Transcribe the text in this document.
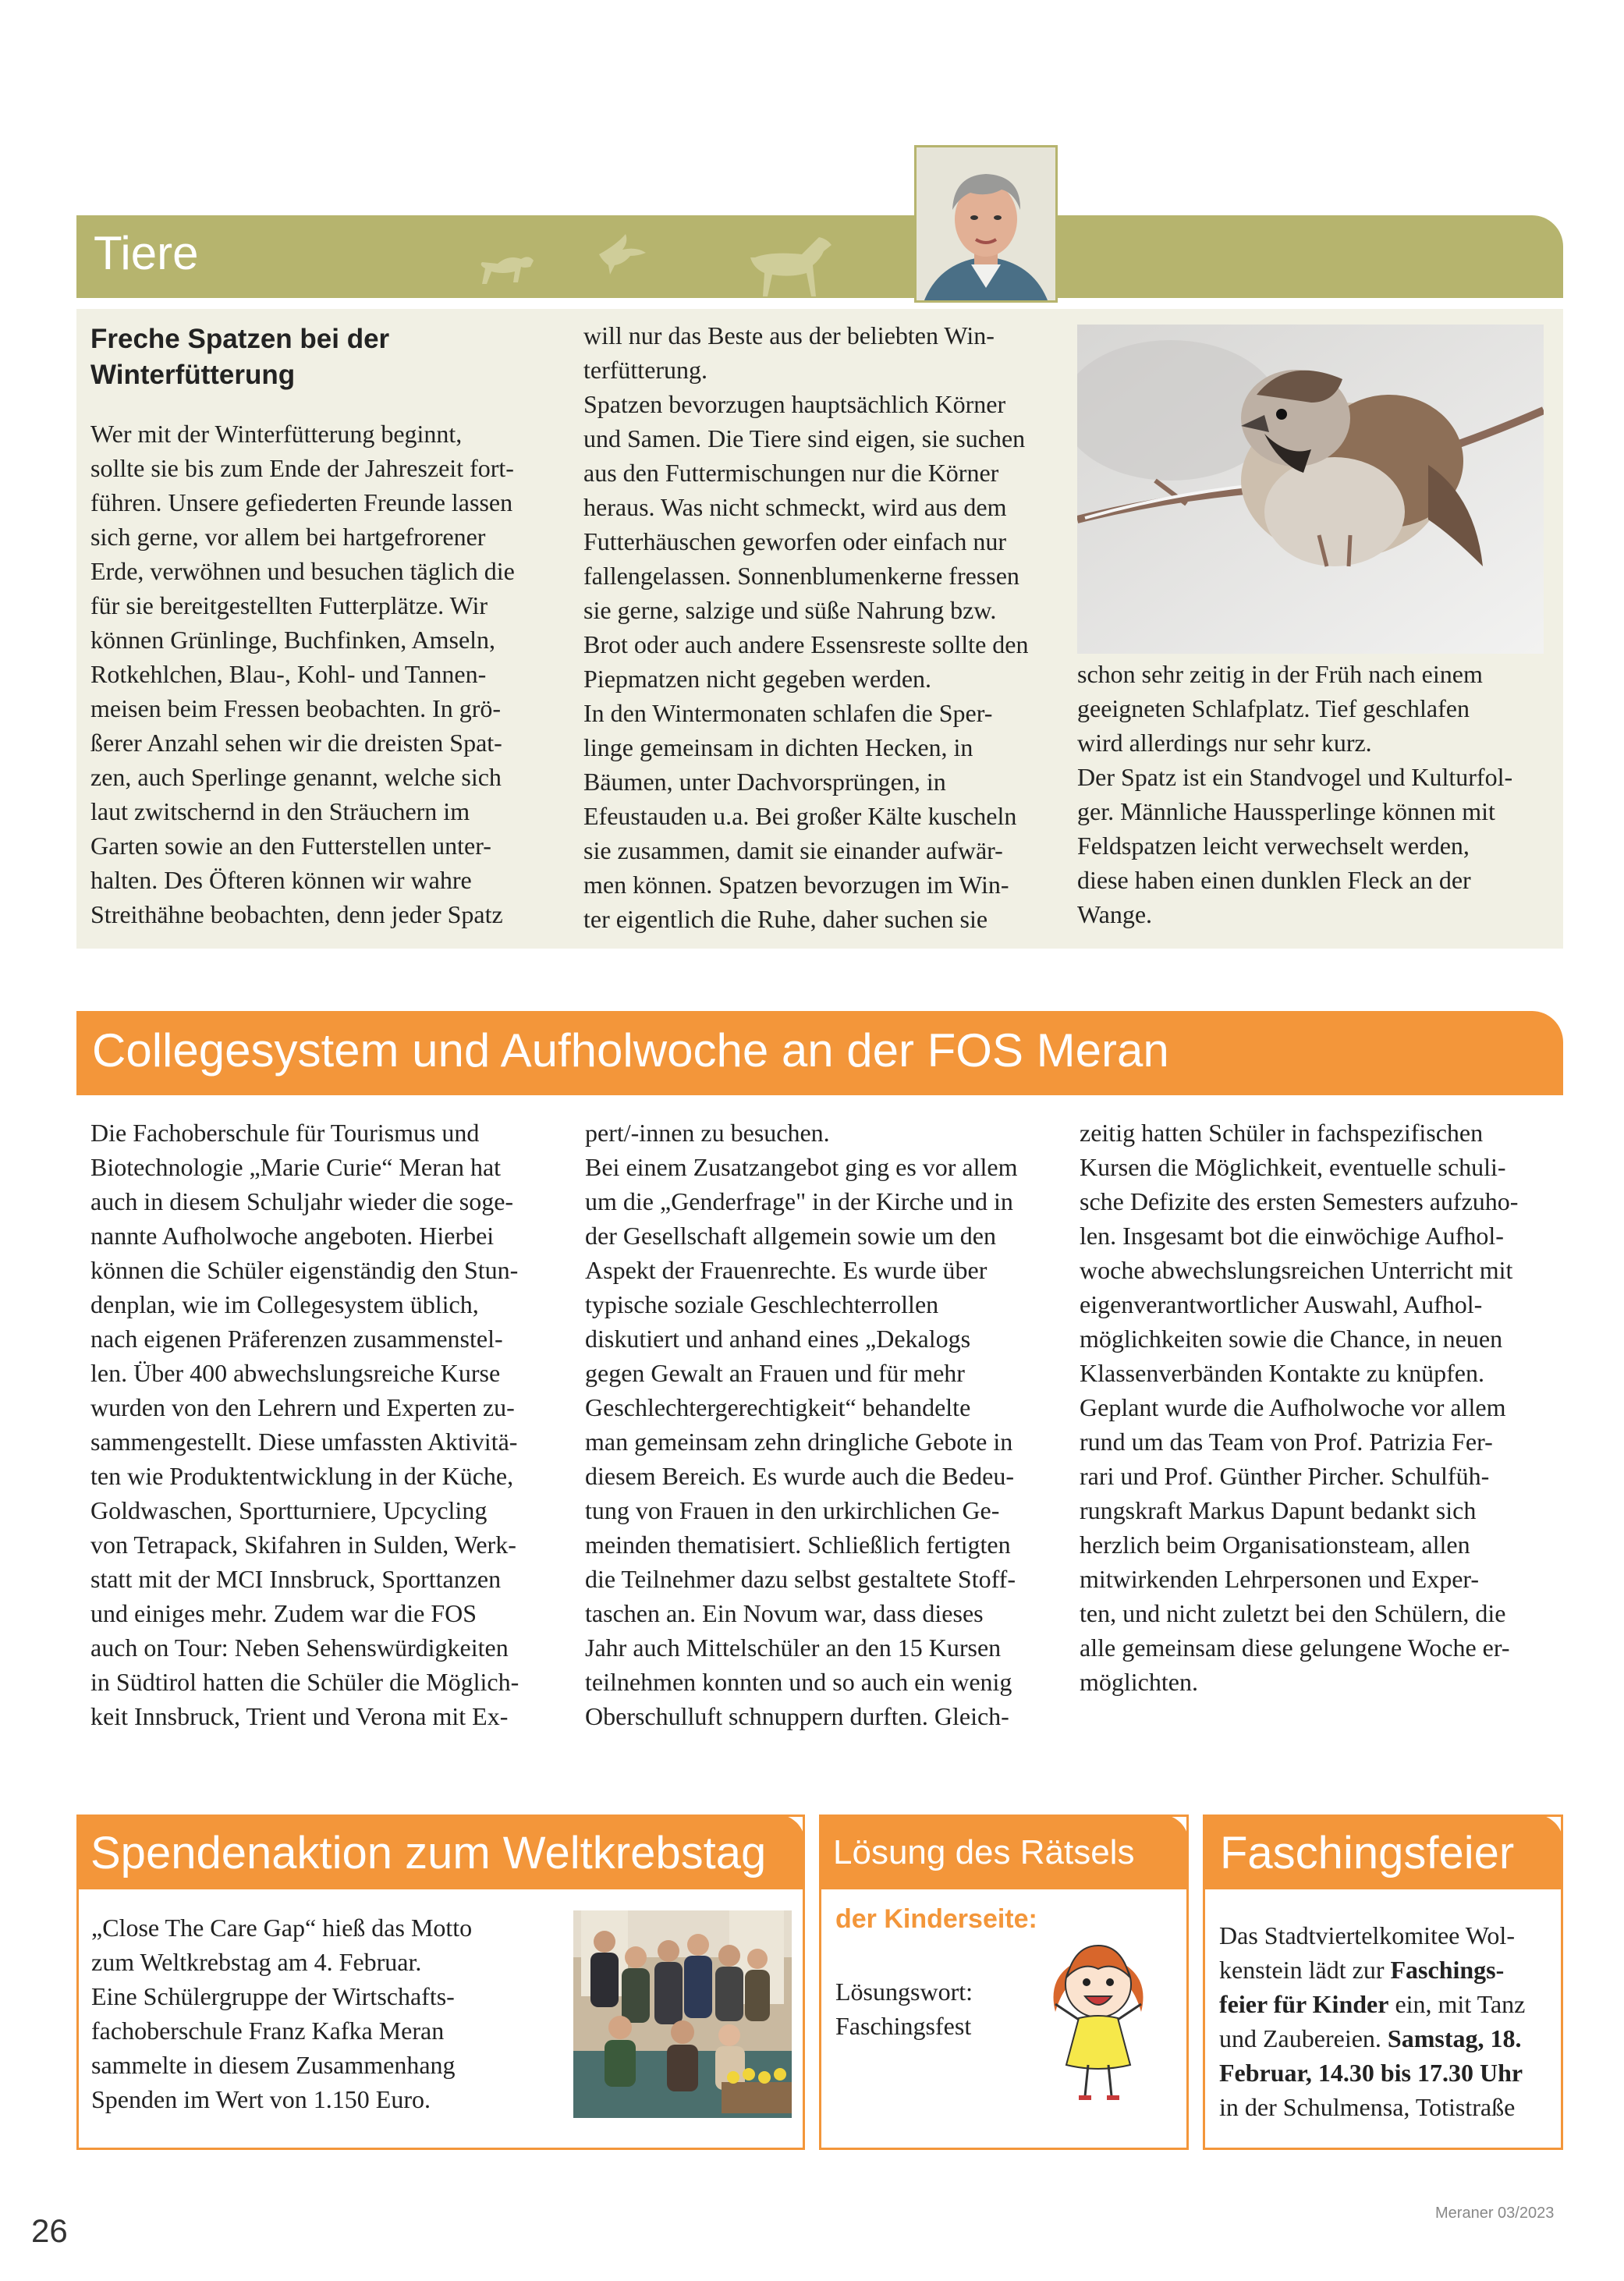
Tiere
Freche Spatzen bei der
Winterfütterung
Wer mit der Winterfütterung beginnt,
sollte sie bis zum Ende der Jahreszeit fort-
führen. Unsere gefiederten Freunde lassen
sich gerne, vor allem bei hartgefrorener
Erde, verwöhnen und besuchen täglich die
für sie bereitgestellten Futterplätze. Wir
können Grünlinge, Buchfinken, Amseln,
Rotkehlchen, Blau-, Kohl- und Tannen-
meisen beim Fressen beobachten. In grö-
ßerer Anzahl sehen wir die dreisten Spat-
zen, auch Sperlinge genannt, welche sich
laut zwitschernd in den Sträuchern im
Garten sowie an den Futterstellen unter-
halten. Des Öfteren können wir wahre
Streithähne beobachten, denn jeder Spatz
will nur das Beste aus der beliebten Win-
terfütterung.
Spatzen bevorzugen hauptsächlich Körner
und Samen. Die Tiere sind eigen, sie suchen
aus den Futtermischungen nur die Körner
heraus. Was nicht schmeckt, wird aus dem
Futterhäuschen geworfen oder einfach nur
fallengelassen. Sonnenblumenkerne fressen
sie gerne, salzige und süße Nahrung bzw.
Brot oder auch andere Essensreste sollte den
Piepmatzen nicht gegeben werden.
In den Wintermonaten schlafen die Sper-
linge gemeinsam in dichten Hecken, in
Bäumen, unter Dachvorsprüngen, in
Efeustauden u.a. Bei großer Kälte kuscheln
sie zusammen, damit sie einander aufwär-
men können. Spatzen bevorzugen im Win-
ter eigentlich die Ruhe, daher suchen sie
schon sehr zeitig in der Früh nach einem
geeigneten Schlafplatz. Tief geschlafen
wird allerdings nur sehr kurz.
Der Spatz ist ein Standvogel und Kulturfol-
ger. Männliche Haussperlinge können mit
Feldspatzen leicht verwechselt werden,
diese haben einen dunklen Fleck an der
Wange.
Collegesystem und Aufholwoche an der FOS Meran
Die Fachoberschule für Tourismus und
Biotechnologie „Marie Curie“ Meran hat
auch in diesem Schuljahr wieder die soge-
nannte Aufholwoche angeboten. Hierbei
können die Schüler eigenständig den Stun-
denplan, wie im Collegesystem üblich,
nach eigenen Präferenzen zusammenstel-
len. Über 400 abwechslungsreiche Kurse
wurden von den Lehrern und Experten zu-
sammengestellt. Diese umfassten Aktivitä-
ten wie Produktentwicklung in der Küche,
Goldwaschen, Sportturniere, Upcycling
von Tetrapack, Skifahren in Sulden, Werk-
statt mit der MCI Innsbruck, Sporttanzen
und einiges mehr. Zudem war die FOS
auch on Tour: Neben Sehenswürdigkeiten
in Südtirol hatten die Schüler die Möglich-
keit Innsbruck, Trient und Verona mit Ex-
pert/-innen zu besuchen.
Bei einem Zusatzangebot ging es vor allem
um die „Genderfrage" in der Kirche und in
der Gesellschaft allgemein sowie um den
Aspekt der Frauenrechte. Es wurde über
typische soziale Geschlechterrollen
diskutiert und anhand eines „Dekalogs
gegen Gewalt an Frauen und für mehr
Geschlechtergerechtigkeit“ behandelte
man gemeinsam zehn dringliche Gebote in
diesem Bereich. Es wurde auch die Bedeu-
tung von Frauen in den urkirchlichen Ge-
meinden thematisiert. Schließlich fertigten
die Teilnehmer dazu selbst gestaltete Stoff-
taschen an. Ein Novum war, dass dieses
Jahr auch Mittelschüler an den 15 Kursen
teilnehmen konnten und so auch ein wenig
Oberschulluft schnuppern durften. Gleich-
zeitig hatten Schüler in fachspezifischen
Kursen die Möglichkeit, eventuelle schuli-
sche Defizite des ersten Semesters aufzuho-
len. Insgesamt bot die einwöchige Aufhol-
woche abwechslungsreichen Unterricht mit
eigenverantwortlicher Auswahl, Aufhol-
möglichkeiten sowie die Chance, in neuen
Klassenverbänden Kontakte zu knüpfen.
Geplant wurde die Aufholwoche vor allem
rund um das Team von Prof. Patrizia Fer-
rari und Prof. Günther Pircher. Schulfüh-
rungskraft Markus Dapunt bedankt sich
herzlich beim Organisationsteam, allen
mitwirkenden Lehrpersonen und Exper-
ten, und nicht zuletzt bei den Schülern, die
alle gemeinsam diese gelungene Woche er-
möglichten.
Spendenaktion zum Weltkrebstag
„Close The Care Gap“ hieß das Motto
zum Weltkrebstag am 4. Februar.
Eine Schülergruppe der Wirtschafts-
fachoberschule Franz Kafka Meran
sammelte in diesem Zusammenhang
Spenden im Wert von 1.150 Euro.
Lösung des Rätsels
der Kinderseite:
Lösungswort:
Faschingsfest
Faschingsfeier
Das Stadtviertelkomitee Wol-
kenstein lädt zur Faschings-
feier für Kinder ein, mit Tanz
und Zaubereien. Samstag, 18.
Februar, 14.30 bis 17.30 Uhr
in der Schulmensa, Totistraße
26	Meraner 03/2023
